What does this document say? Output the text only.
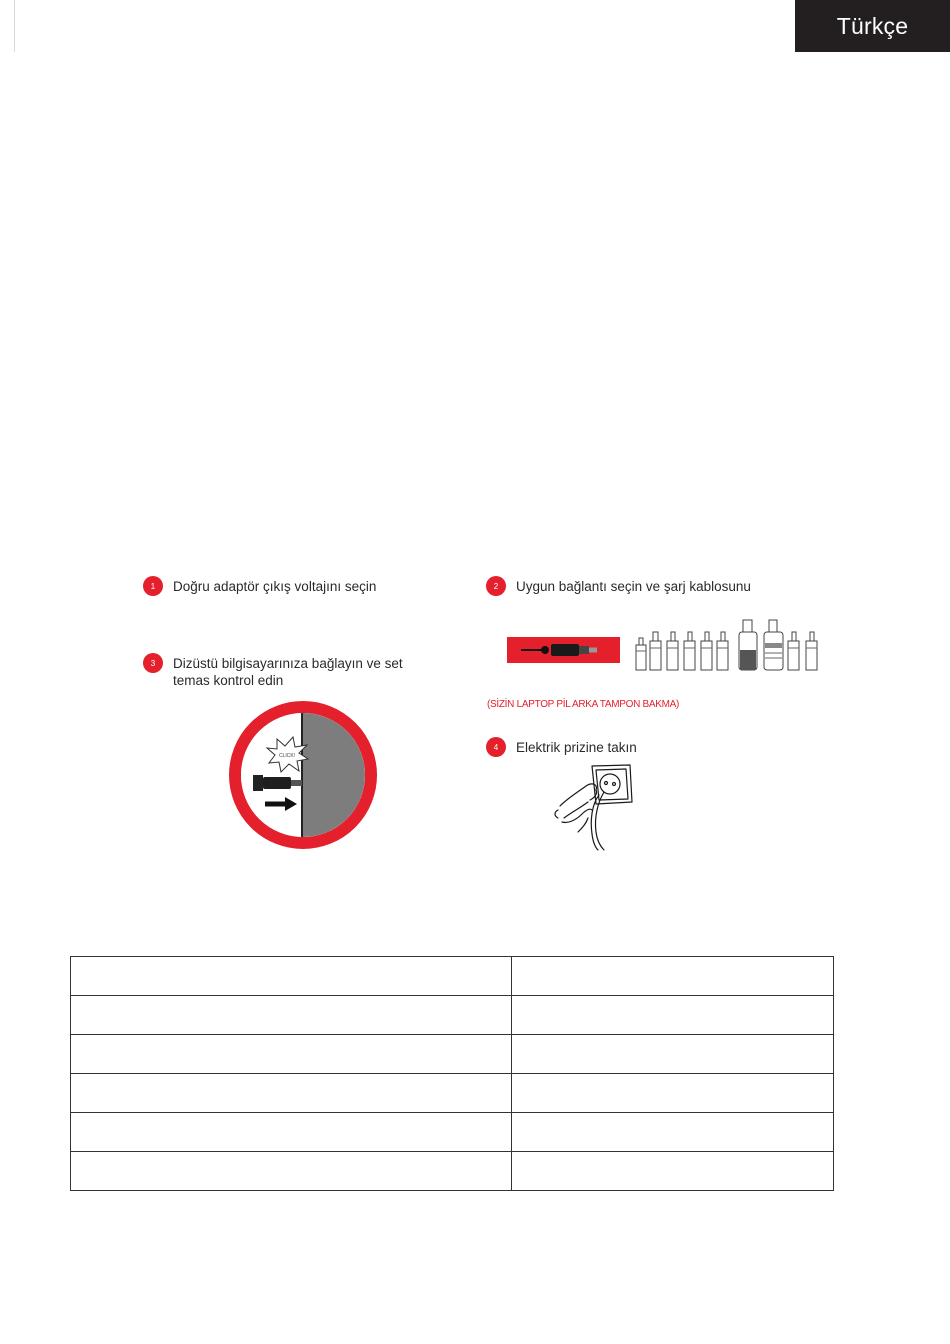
Türkçe
1	Doğru adaptör çıkış voltajını seçin	2	Uygun bağlantı seçin ve şarj kablosunu
3	Dizüstü bilgisayarınıza bağlayın ve set
temas kontrol edin
4	Elektrik prizine takın
(SİZİN LAPTOP PİL ARKA TAMPON BAKMA)
CLICK!
